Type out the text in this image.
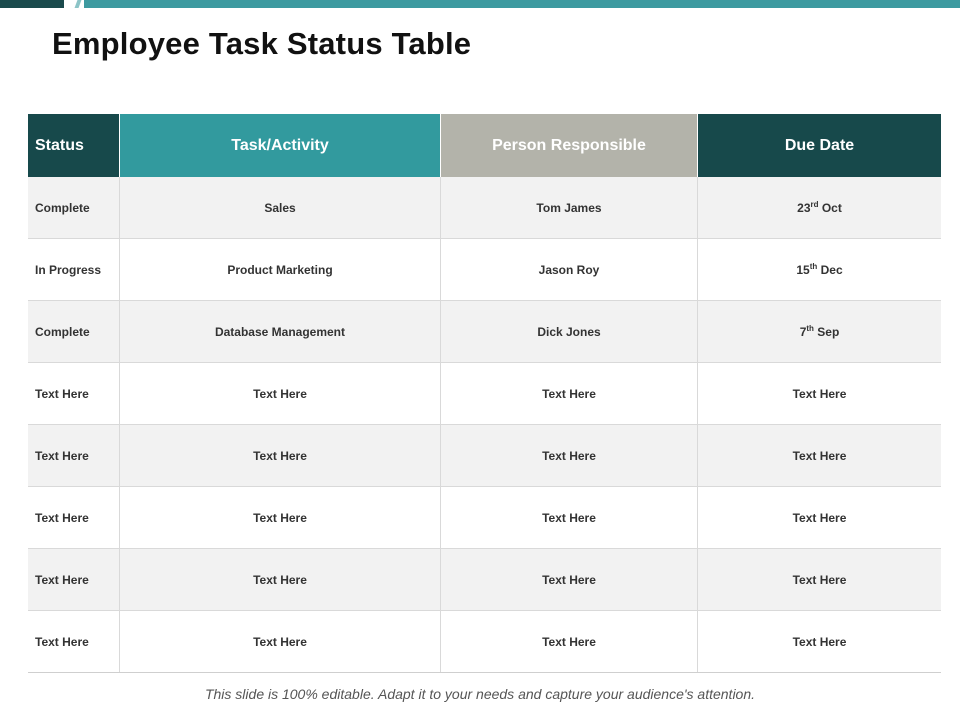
Employee Task Status Table
Status	Task/Activity	Person Responsible	Due Date
Complete	Sales	Tom James	23rd Oct
In Progress	Product Marketing	Jason Roy	15th Dec
Complete	Database Management	Dick Jones	7th Sep
Text Here	Text Here	Text Here	Text Here
Text Here	Text Here	Text Here	Text Here
Text Here	Text Here	Text Here	Text Here
Text Here	Text Here	Text Here	Text Here
Text Here	Text Here	Text Here	Text Here
This slide is 100% editable. Adapt it to your needs and capture your audience's attention.
